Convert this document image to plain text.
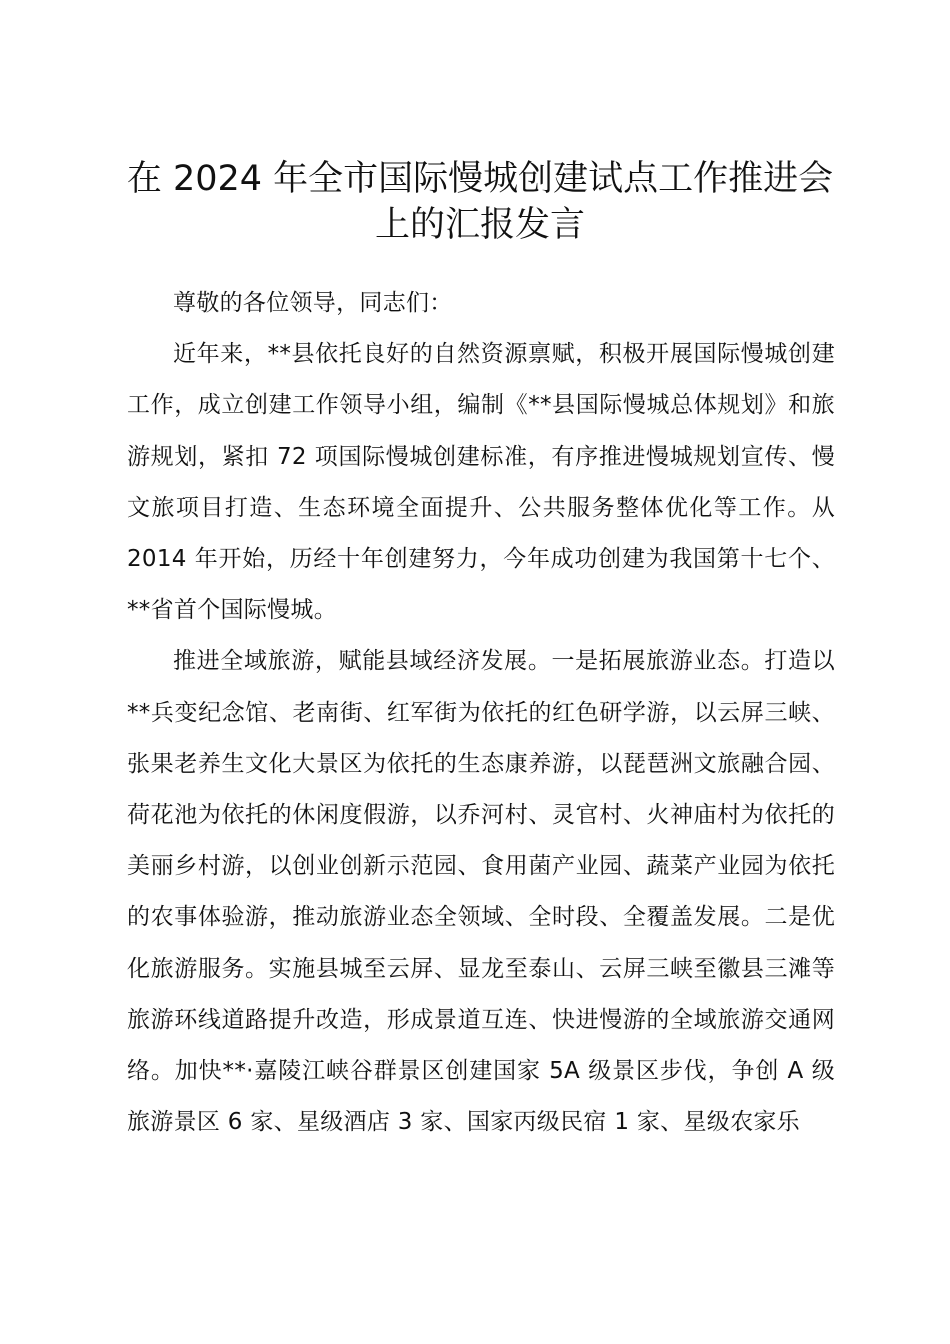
在 2024 年全市国际慢城创建试点工作推进会
上的汇报发言

尊敬的各位领导，同志们：

近年来，**县依托良好的自然资源禀赋，积极开展国际慢城创建工作，成立创建工作领导小组，编制《**县国际慢城总体规划》和旅游规划，紧扣 72 项国际慢城创建标准，有序推进慢城规划宣传、慢文旅项目打造、生态环境全面提升、公共服务整体优化等工作。从 2014 年开始，历经十年创建努力，今年成功创建为我国第十七个、**省首个国际慢城。

推进全域旅游，赋能县域经济发展。一是拓展旅游业态。打造以**兵变纪念馆、老南街、红军街为依托的红色研学游，以云屏三峡、张果老养生文化大景区为依托的生态康养游，以琵琶洲文旅融合园、荷花池为依托的休闲度假游，以乔河村、灵官村、火神庙村为依托的美丽乡村游，以创业创新示范园、食用菌产业园、蔬菜产业园为依托的农事体验游，推动旅游业态全领域、全时段、全覆盖发展。二是优化旅游服务。实施县城至云屏、显龙至泰山、云屏三峡至徽县三滩等旅游环线道路提升改造，形成景道互连、快进慢游的全域旅游交通网络。加快**·嘉陵江峡谷群景区创建国家 5A 级景区步伐，争创 A 级旅游景区 6 家、星级酒店 3 家、国家丙级民宿 1 家、星级农家乐
